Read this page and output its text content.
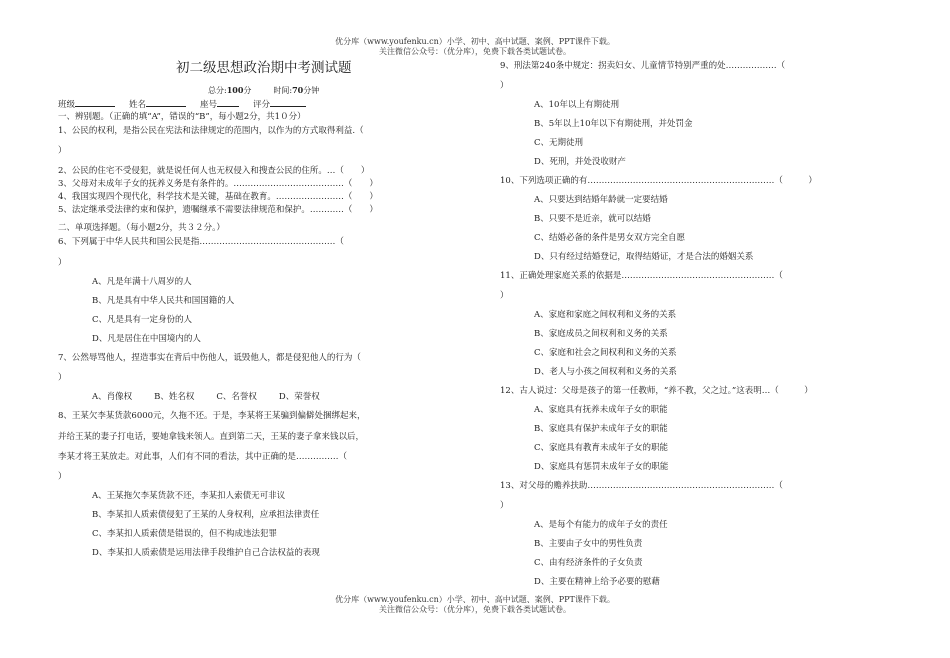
优分库（www.youfenku.cn）小学、初中、高中试题、案例、PPT课件下载。
关注微信公众号：（优分库），免费下载各类试题试卷。
初二级思想政治期中考测试题
总分:100分	时间:70分钟
班级	姓名	座号	评分
一、辨别题。（正确的填“A”，错误的“B”，每小题2分，共1０分）
1、公民的权利，是指公民在宪法和法律规定的范围内，以作为的方式取得利益.（
）
2、公民的住宅不受侵犯，就是说任何人也无权侵入和搜查公民的住所。…（　　）
3、父母对未成年子女的抚养义务是有条件的。…………………………………（　　）
4、我国实现四个现代化，科学技术是关键，基础在教育。……………………（　　）
5、法定继承受法律约束和保护，遗嘱继承不需要法律规范和保护。…………（　　）
二、单项选择题。（每小题2分，共３２分。）
6、下列属于中华人民共和国公民是指…………………………………………（
）
A、凡是年满十八周岁的人
B、凡是具有中华人民共和国国籍的人
C、凡是具有一定身份的人
D、凡是居住在中国境内的人
7、公然辱骂他人，捏造事实在背后中伤他人，诋毁他人，都是侵犯他人的行为（
）
A、肖像权	B、姓名权	C、名誉权	D、荣誉权
8、王某欠李某货款6000元，久拖不还。于是，李某将王某骗到偏僻处捆绑起来，
并给王某的妻子打电话，要她拿钱来领人。直到第二天，王某的妻子拿来钱以后，
李某才将王某放走。对此事，人们有不同的看法，其中正确的是……………（
）
A、王某拖欠李某货款不还，李某扣人索债无可非议
B、李某扣人质索债侵犯了王某的人身权利，应承担法律责任
C、李某扣人质索债是错误的，但不构成违法犯罪
D、李某扣人质索债是运用法律手段维护自己合法权益的表现
9、刑法第240条中规定：拐卖妇女、儿童情节特别严重的处………………（
）
A、10年以上有期徒刑
B、5年以上10年以下有期徒刑，并处罚金
C、无期徒刑
D、死刑，并处没收财产
10、下列选项正确的有…………………………………………………………（　　　）
A、只要达到结婚年龄就一定要结婚
B、只要不是近亲，就可以结婚
C、结婚必备的条件是男女双方完全自愿
D、只有经过结婚登记，取得结婚证，才是合法的婚姻关系
11、正确处理家庭关系的依据是………………………………………………（
）
A、家庭和家庭之间权利和义务的关系
B、家庭成员之间权利和义务的关系
C、家庭和社会之间权利和义务的关系
D、老人与小孩之间权利和义务的关系
12、古人说过：父母是孩子的第一任教师，“养不教，父之过。”这表明…（　　　）
A、家庭具有抚养未成年子女的职能
B、家庭具有保护未成年子女的职能
C、家庭具有教育未成年子女的职能
D、家庭具有惩罚未成年子女的职能
13、对父母的赡养扶助…………………………………………………………（
）
A、是每个有能力的成年子女的责任
B、主要由子女中的男性负责
C、由有经济条件的子女负责
D、主要在精神上给予必要的慰藉
优分库（www.youfenku.cn）小学、初中、高中试题、案例、PPT课件下载。
关注微信公众号：（优分库），免费下载各类试题试卷。
